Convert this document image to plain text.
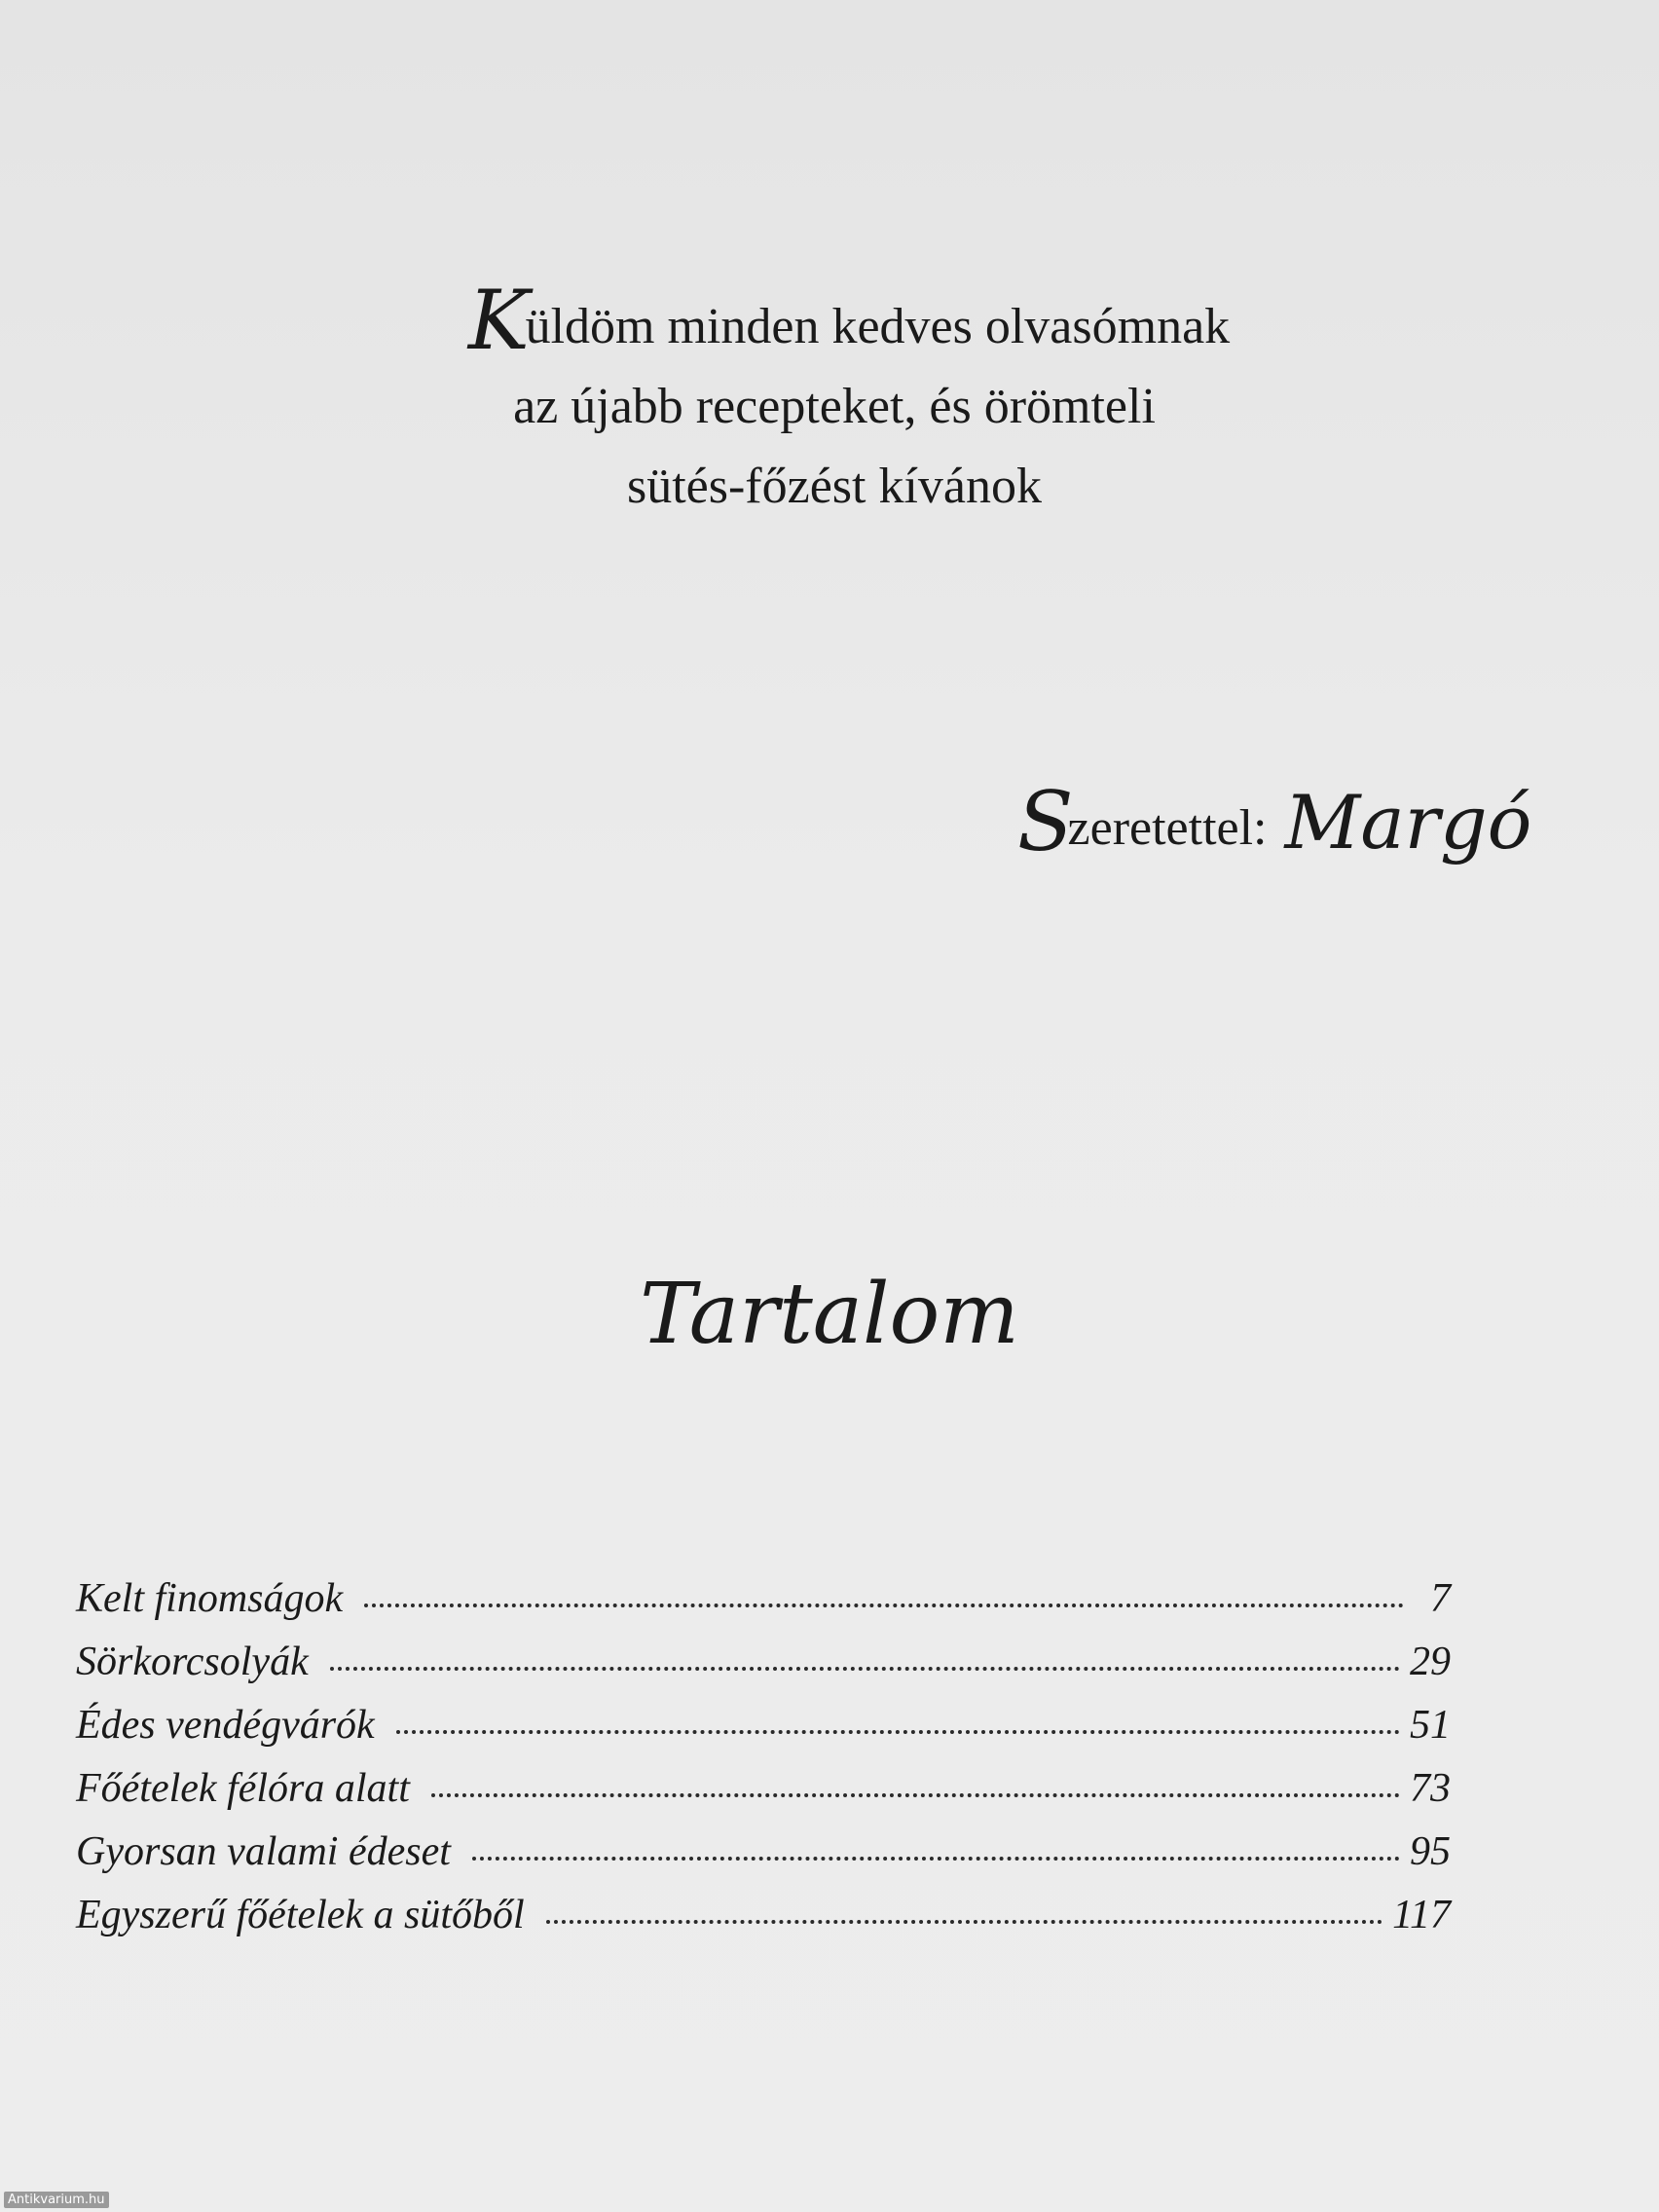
Küldöm minden kedves olvasómnak
az újabb recepteket, és örömteli
sütés-főzést kívánok
Szeretettel: Margó
Tartalom
Kelt finomságok	7
Sörkorcsolyák	29
Édes vendégvárók	51
Főételek félóra alatt	73
Gyorsan valami édeset	95
Egyszerű főételek a sütőből	117
Antikvarium.hu
